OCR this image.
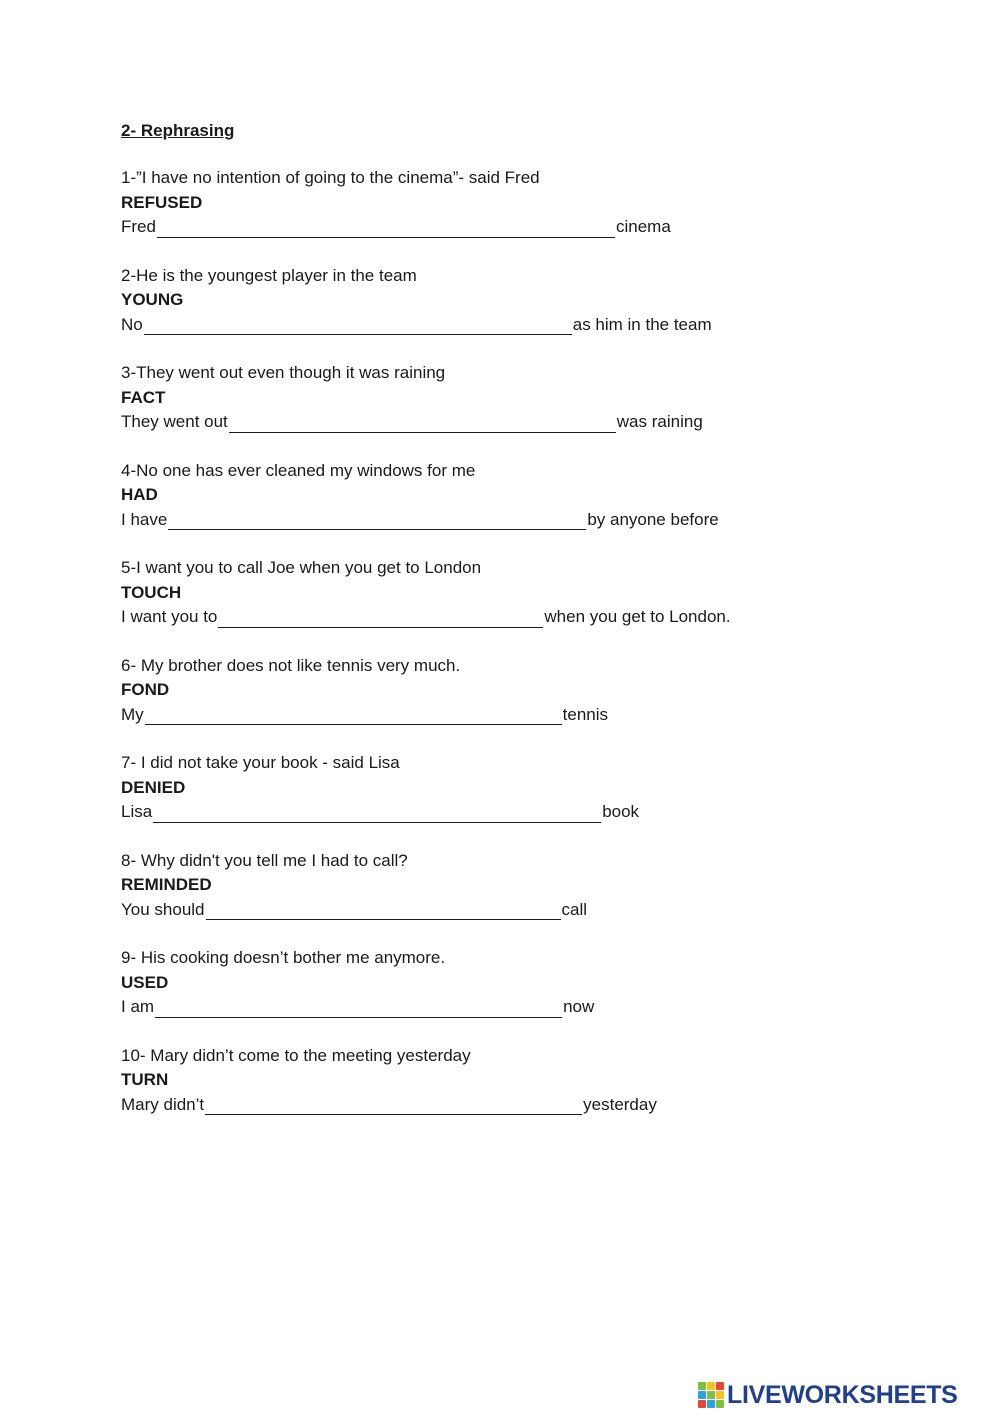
2- Rephrasing
1-”I have no intention of going to the cinema”- said Fred
REFUSED
Fred	cinema
2-He is the youngest player in the team
YOUNG
No	as him in the team
3-They went out even though it was raining
FACT
They went out	was raining
4-No one has ever cleaned my windows for me
HAD
I have	by anyone before
5-I want you to call Joe when you get to London
TOUCH
I want you to	when you get to London.
6- My brother does not like tennis very much.
FOND
My	tennis
7- I did not take your book - said Lisa
DENIED
Lisa	book
8- Why didn't you tell me I had to call?
REMINDED
You should	call
9- His cooking doesn’t bother me anymore.
USED
I am	now
10- Mary didn’t come to the meeting yesterday
TURN
Mary didn’t	yesterday
LIVEWORKSHEETS
